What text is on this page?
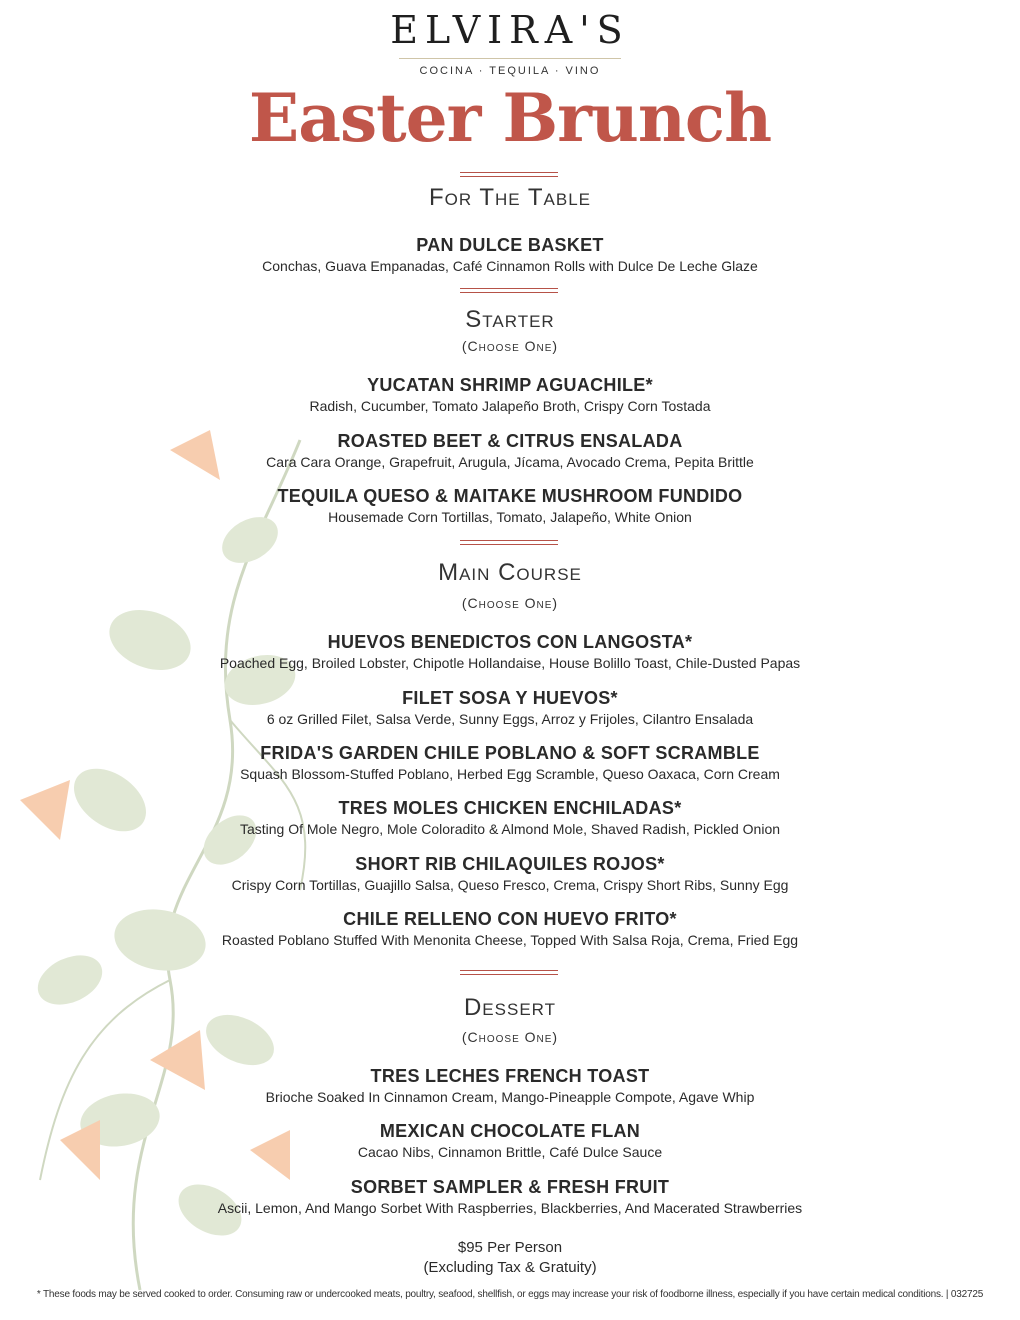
ELVIRA'S
COCINA · TEQUILA · VINO
Easter Brunch
For The Table
PAN DULCE BASKET
Conchas, Guava Empanadas, Café Cinnamon Rolls with Dulce De Leche Glaze
Starter
(Choose One)
YUCATAN SHRIMP AGUACHILE*
Radish, Cucumber, Tomato Jalapeño Broth, Crispy Corn Tostada
ROASTED BEET & CITRUS ENSALADA
Cara Cara Orange, Grapefruit, Arugula, Jícama, Avocado Crema, Pepita Brittle
TEQUILA QUESO & MAITAKE MUSHROOM FUNDIDO
Housemade Corn Tortillas, Tomato, Jalapeño, White Onion
Main Course
(Choose One)
HUEVOS BENEDICTOS CON LANGOSTA*
Poached Egg, Broiled Lobster, Chipotle Hollandaise, House Bolillo Toast, Chile-Dusted Papas
FILET SOSA Y HUEVOS*
6 oz Grilled Filet, Salsa Verde, Sunny Eggs, Arroz y Frijoles, Cilantro Ensalada
FRIDA'S GARDEN CHILE POBLANO & SOFT SCRAMBLE
Squash Blossom-Stuffed Poblano, Herbed Egg Scramble, Queso Oaxaca, Corn Cream
TRES MOLES CHICKEN ENCHILADAS*
Tasting Of Mole Negro, Mole Coloradito & Almond Mole, Shaved Radish, Pickled Onion
SHORT RIB CHILAQUILES ROJOS*
Crispy Corn Tortillas, Guajillo Salsa, Queso Fresco, Crema, Crispy Short Ribs, Sunny Egg
CHILE RELLENO CON HUEVO FRITO*
Roasted Poblano Stuffed With Menonita Cheese, Topped With Salsa Roja, Crema, Fried Egg
Dessert
(Choose One)
TRES LECHES FRENCH TOAST
Brioche Soaked In Cinnamon Cream, Mango-Pineapple Compote, Agave Whip
MEXICAN CHOCOLATE FLAN
Cacao Nibs, Cinnamon Brittle, Café Dulce Sauce
SORBET SAMPLER & FRESH FRUIT
Ascii, Lemon, And Mango Sorbet With Raspberries, Blackberries, And Macerated Strawberries
$95 Per Person
(Excluding Tax & Gratuity)
* These foods may be served cooked to order. Consuming raw or undercooked meats, poultry, seafood, shellfish, or eggs may increase your risk of foodborne illness, especially if you have certain medical conditions. | 032725
